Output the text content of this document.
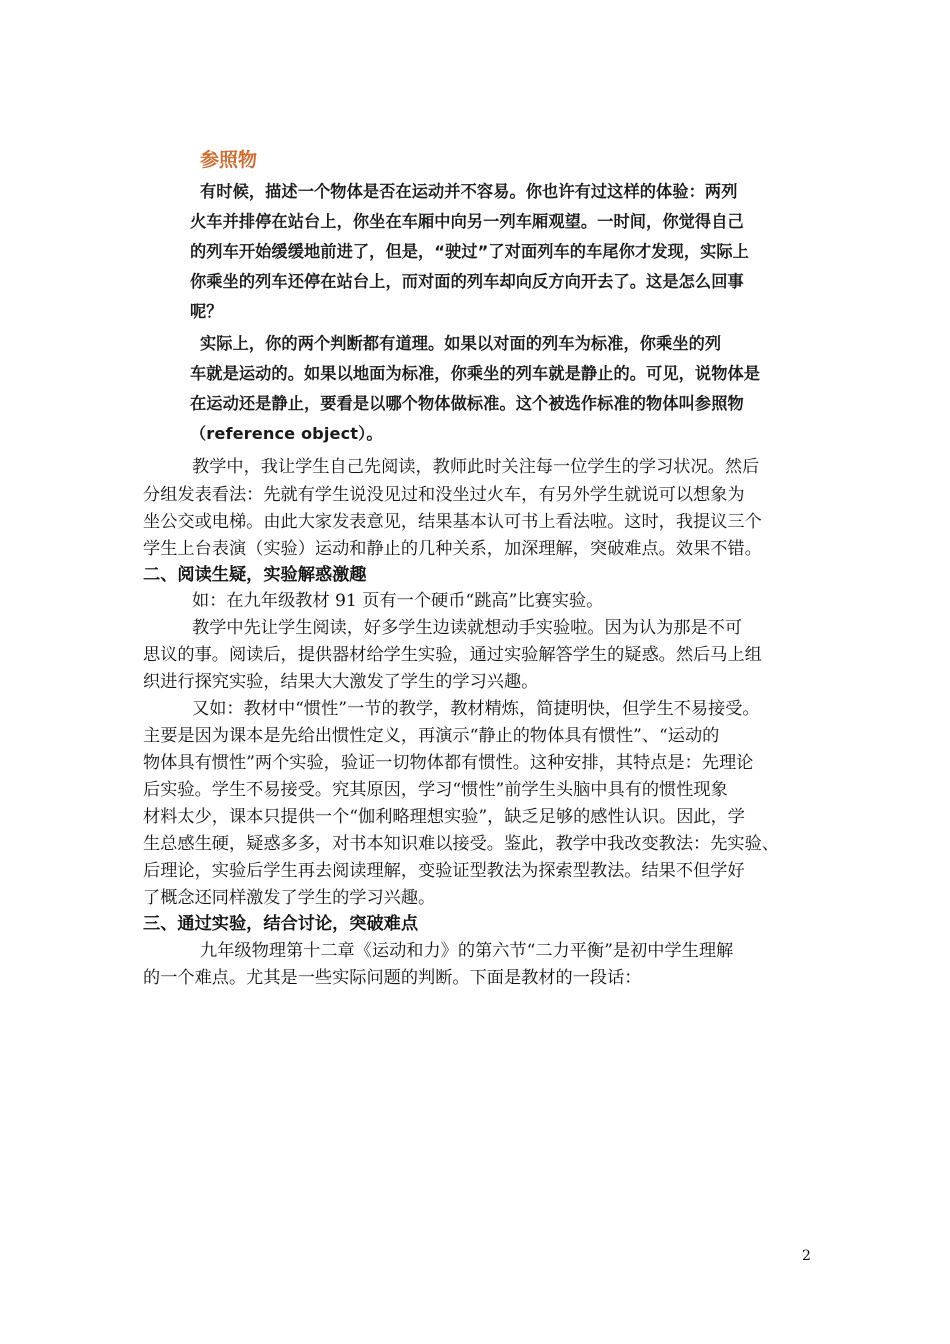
参照物
有时候，描述一个物体是否在运动并不容易。你也许有过这样的体验：两列
火车并排停在站台上，你坐在车厢中向另一列车厢观望。一时间，你觉得自己
的列车开始缓缓地前进了，但是，“驶过”了对面列车的车尾你才发现，实际上
你乘坐的列车还停在站台上，而对面的列车却向反方向开去了。这是怎么回事
呢？
实际上，你的两个判断都有道理。如果以对面的列车为标准，你乘坐的列
车就是运动的。如果以地面为标准，你乘坐的列车就是静止的。可见，说物体是
在运动还是静止，要看是以哪个物体做标准。这个被选作标准的物体叫参照物
（reference object）。
教学中，我让学生自己先阅读，教师此时关注每一位学生的学习状况。然后
分组发表看法：先就有学生说没见过和没坐过火车，有另外学生就说可以想象为
坐公交或电梯。由此大家发表意见，结果基本认可书上看法啦。这时，我提议三个
学生上台表演（实验）运动和静止的几种关系，加深理解，突破难点。效果不错。
二、阅读生疑，实验解惑激趣
如：在九年级教材 91 页有一个硬币“跳高”比赛实验。
教学中先让学生阅读，好多学生边读就想动手实验啦。因为认为那是不可
思议的事。阅读后，提供器材给学生实验，通过实验解答学生的疑惑。然后马上组
织进行探究实验，结果大大激发了学生的学习兴趣。
又如：教材中“惯性”一节的教学，教材精炼，简捷明快，但学生不易接受。
主要是因为课本是先给出惯性定义，再演示“静止的物体具有惯性”、“运动的
物体具有惯性”两个实验，验证一切物体都有惯性。这种安排，其特点是：先理论
后实验。学生不易接受。究其原因，学习“惯性”前学生头脑中具有的惯性现象
材料太少，课本只提供一个“伽利略理想实验”，缺乏足够的感性认识。因此，学
生总感生硬，疑惑多多，对书本知识难以接受。鉴此，教学中我改变教法：先实验、
后理论，实验后学生再去阅读理解，变验证型教法为探索型教法。结果不但学好
了概念还同样激发了学生的学习兴趣。
三、通过实验，结合讨论，突破难点
九年级物理第十二章《运动和力》的第六节“二力平衡”是初中学生理解
的一个难点。尤其是一些实际问题的判断。下面是教材的一段话：
2
